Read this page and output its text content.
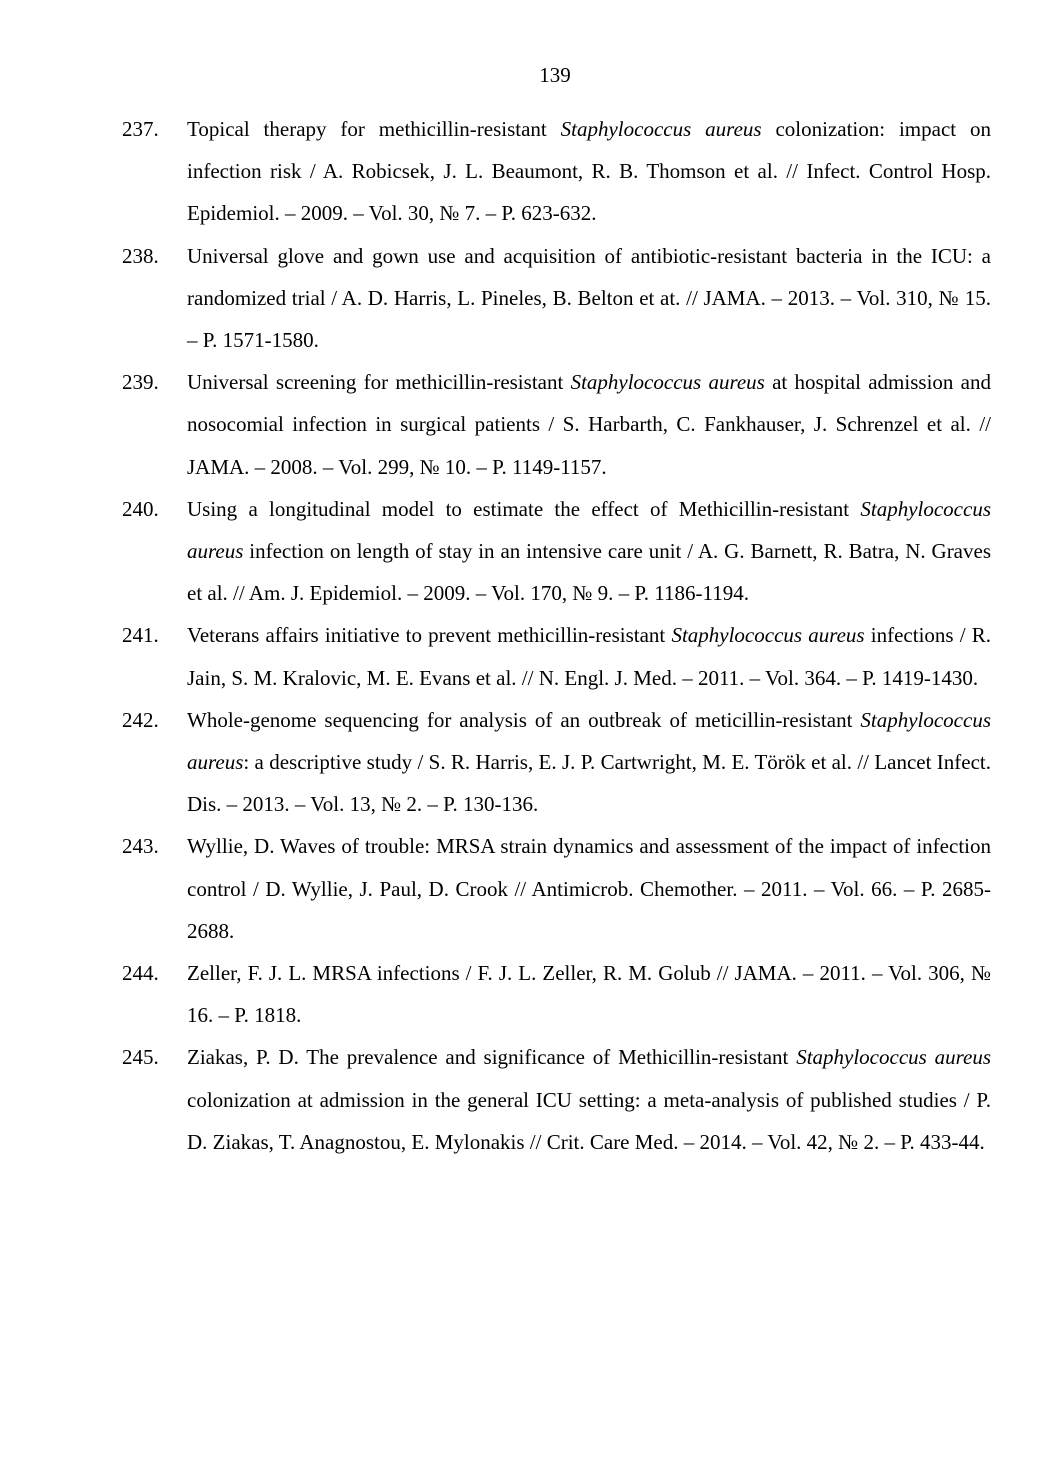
139
237.	Topical therapy for methicillin-resistant Staphylococcus aureus colonization: impact on infection risk / A. Robicsek, J. L. Beaumont, R. B. Thomson et al. // Infect. Control Hosp. Epidemiol. – 2009. – Vol. 30, № 7. – P. 623-632.
238.	Universal glove and gown use and acquisition of antibiotic-resistant bacteria in the ICU: a randomized trial / A. D. Harris, L. Pineles, B. Belton et at. // JAMA. – 2013. – Vol. 310, № 15. – P. 1571-1580.
239.	Universal screening for methicillin-resistant Staphylococcus aureus at hospital admission and nosocomial infection in surgical patients / S. Harbarth, C. Fankhauser, J. Schrenzel et al. // JAMA. – 2008. – Vol. 299, № 10. – P. 1149-1157.
240.	Using a longitudinal model to estimate the effect of Methicillin-resistant Staphylococcus aureus infection on length of stay in an intensive care unit / A. G. Barnett, R. Batra, N. Graves et al. // Am. J. Epidemiol. – 2009. – Vol. 170, № 9. – P. 1186-1194.
241.	Veterans affairs initiative to prevent methicillin-resistant Staphylococcus aureus infections / R. Jain, S. M. Kralovic, M. E. Evans et al. // N. Engl. J. Med. – 2011. – Vol. 364. – P. 1419-1430.
242.	Whole-genome sequencing for analysis of an outbreak of meticillin-resistant Staphylococcus aureus: a descriptive study / S. R. Harris, E. J. P. Cartwright, M. E. Török et al. // Lancet Infect. Dis. – 2013. – Vol. 13, № 2. – P. 130-136.
243.	Wyllie, D. Waves of trouble: MRSA strain dynamics and assessment of the impact of infection control / D. Wyllie, J. Paul, D. Crook // Antimicrob. Chemother. – 2011. – Vol. 66. – P. 2685-2688.
244.	Zeller, F. J. L. MRSA infections / F. J. L. Zeller, R. M. Golub // JAMA. – 2011. – Vol. 306, № 16. – P. 1818.
245.	Ziakas, P. D. The prevalence and significance of Methicillin-resistant Staphylococcus aureus colonization at admission in the general ICU setting: a meta-analysis of published studies / P. D. Ziakas, T. Anagnostou, E. Mylonakis // Crit. Care Med. – 2014. – Vol. 42, № 2. – P. 433-44.
